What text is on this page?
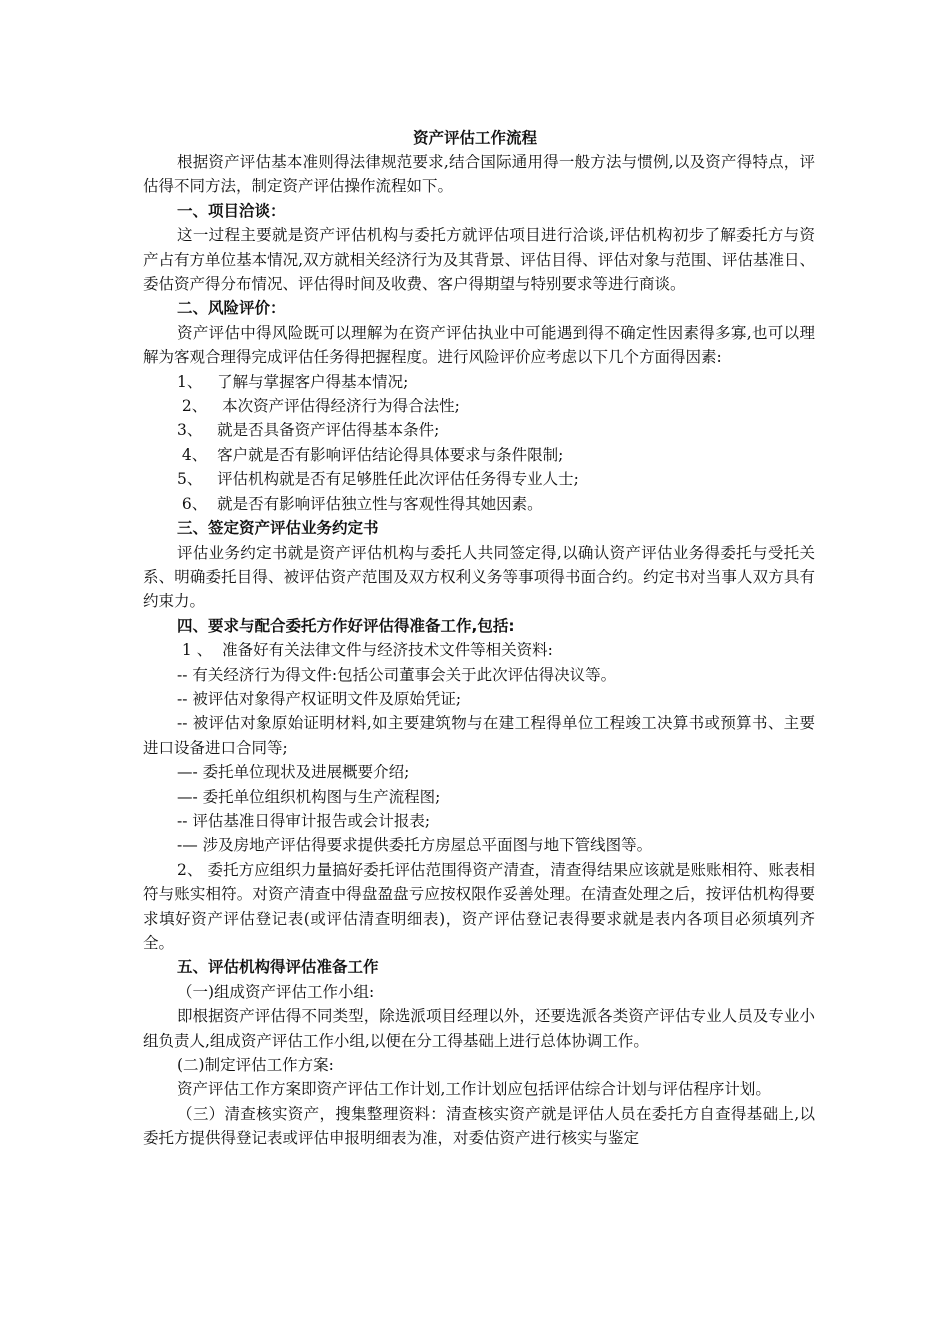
资产评估工作流程

根据资产评估基本准则得法律规范要求,结合国际通用得一般方法与惯例,以及资产得特点，评估得不同方法，制定资产评估操作流程如下。

一、项目洽谈：

这一过程主要就是资产评估机构与委托方就评估项目进行洽谈,评估机构初步了解委托方与资产占有方单位基本情况,双方就相关经济行为及其背景、评估目得、评估对象与范围、评估基准日、委估资产得分布情况、评估得时间及收费、客户得期望与特别要求等进行商谈。

二、风险评价：

资产评估中得风险既可以理解为在资产评估执业中可能遇到得不确定性因素得多寡,也可以理解为客观合理得完成评估任务得把握程度。进行风险评价应考虑以下几个方面得因素:

1、   了解与掌握客户得基本情况;

2、   本次资产评估得经济行为得合法性;

3、   就是否具备资产评估得基本条件;

4、  客户就是否有影响评估结论得具体要求与条件限制;

5、   评估机构就是否有足够胜任此次评估任务得专业人士;

6、  就是否有影响评估独立性与客观性得其她因素。

三、签定资产评估业务约定书

评估业务约定书就是资产评估机构与委托人共同签定得,以确认资产评估业务得委托与受托关系、明确委托目得、被评估资产范围及双方权利义务等事项得书面合约。约定书对当事人双方具有约束力。

四、要求与配合委托方作好评估得准备工作,包括:

1 、  准备好有关法律文件与经济技术文件等相关资料:

-- 有关经济行为得文件:包括公司董事会关于此次评估得决议等。

-- 被评估对象得产权证明文件及原始凭证;

-- 被评估对象原始证明材料,如主要建筑物与在建工程得单位工程竣工决算书或预算书、主要进口设备进口合同等;

—- 委托单位现状及进展概要介绍;

—- 委托单位组织机构图与生产流程图;

-- 评估基准日得审计报告或会计报表;

-— 涉及房地产评估得要求提供委托方房屋总平面图与地下管线图等。

2、 委托方应组织力量搞好委托评估范围得资产清查，清查得结果应该就是账账相符、账表相符与账实相符。对资产清查中得盘盈盘亏应按权限作妥善处理。在清查处理之后，按评估机构得要求填好资产评估登记表(或评估清查明细表)，资产评估登记表得要求就是表内各项目必须填列齐全。

五、评估机构得评估准备工作

（一)组成资产评估工作小组:

即根据资产评估得不同类型，除选派项目经理以外，还要选派各类资产评估专业人员及专业小组负责人,组成资产评估工作小组,以便在分工得基础上进行总体协调工作。

(二)制定评估工作方案:

资产评估工作方案即资产评估工作计划,工作计划应包括评估综合计划与评估程序计划。

（三）清查核实资产，搜集整理资料：清查核实资产就是评估人员在委托方自查得基础上,以委托方提供得登记表或评估申报明细表为准，对委估资产进行核实与鉴定
